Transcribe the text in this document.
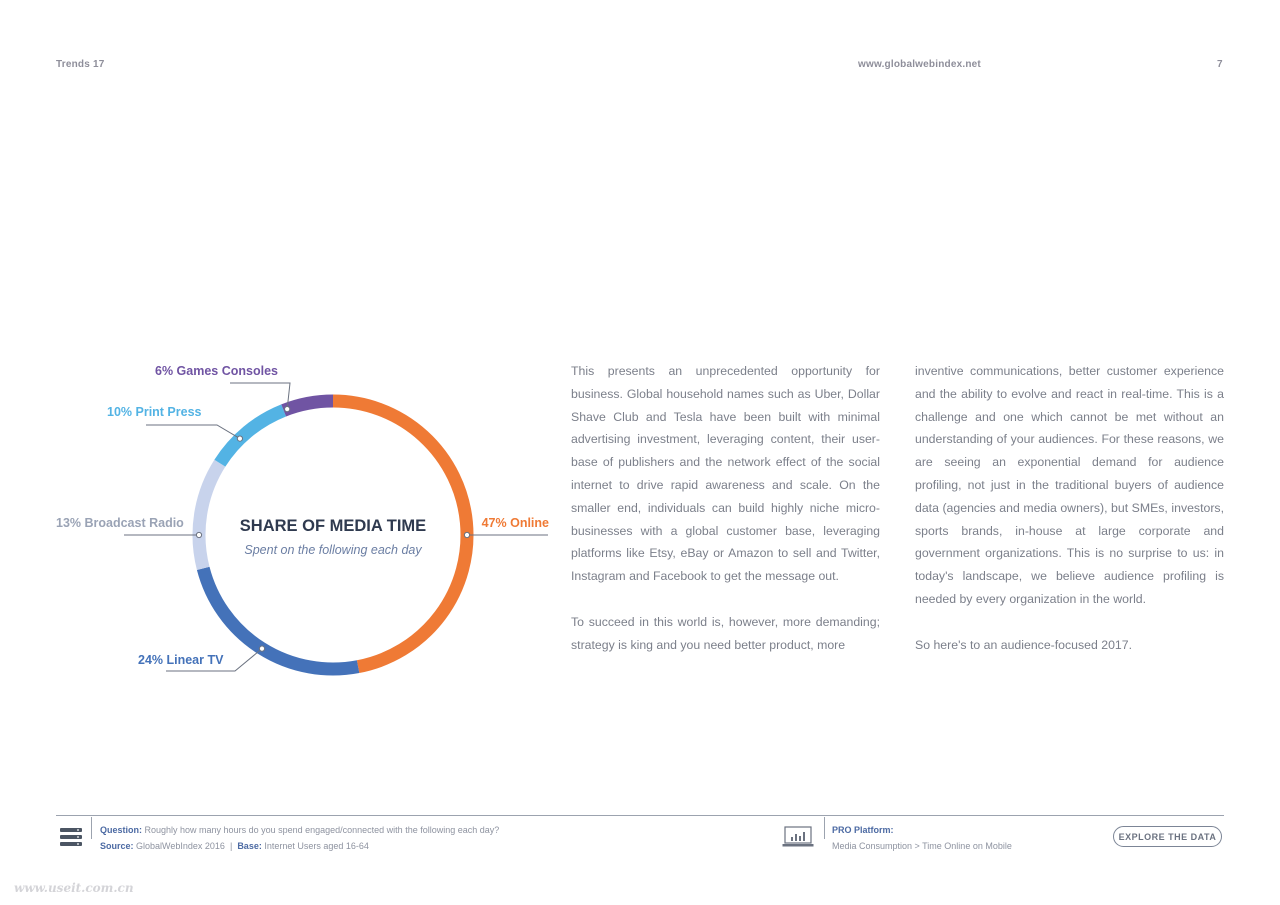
Trends 17	www.globalwebindex.net	7
47% Online
24% Linear TV
13% Broadcast Radio
10% Print Press
6% Games Consoles
SHARE OF MEDIA TIME
Spent on the following each day

This presents an unprecedented opportunity for business. Global household names such as Uber, Dollar Shave Club and Tesla have been built with minimal advertising investment, leveraging content, their user-base of publishers and the network effect of the social internet to drive rapid awareness and scale. On the smaller end, individuals can build highly niche micro-businesses with a global customer base, leveraging platforms like Etsy, eBay or Amazon to sell and Twitter, Instagram and Facebook to get the message out.

To succeed in this world is, however, more demanding; strategy is king and you need better product, more

inventive communications, better customer experience and the ability to evolve and react in real-time. This is a challenge and one which cannot be met without an understanding of your audiences. For these reasons, we are seeing an exponential demand for audience profiling, not just in the traditional buyers of audience data (agencies and media owners), but SMEs, investors, sports brands, in-house at large corporate and government organizations. This is no surprise to us: in today's landscape, we believe audience profiling is needed by every organization in the world.

So here's to an audience-focused 2017.

Question: Roughly how many hours do you spend engaged/connected with the following each day?
Source: GlobalWebIndex 2016 | Base: Internet Users aged 16-64
PRO Platform:
Media Consumption > Time Online on Mobile
EXPLORE THE DATA
www.useit.com.cn
